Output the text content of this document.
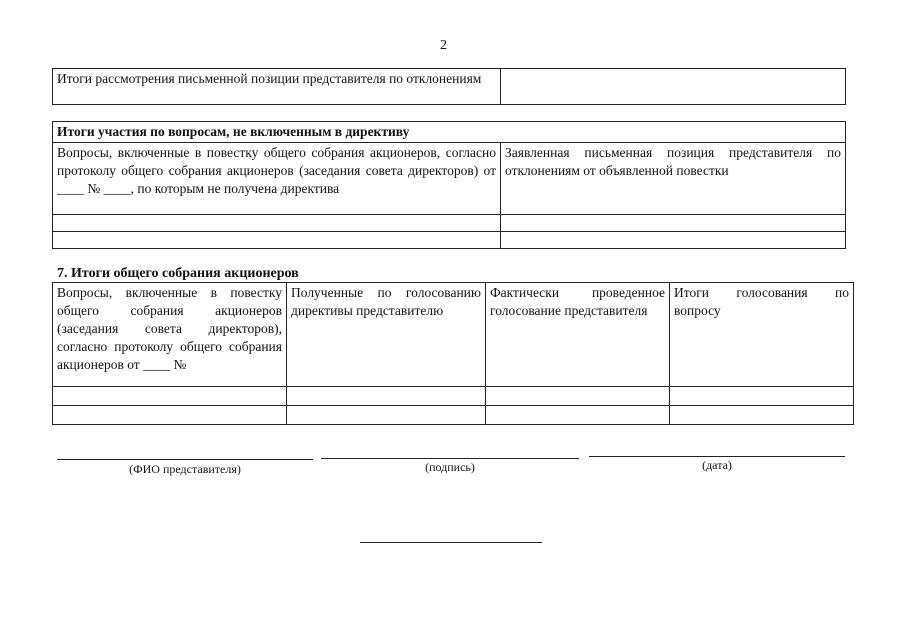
2
Итоги рассмотрения письменной позиции представителя по отклонениям	
Итоги участия по вопросам, не включенным в директиву	
Вопросы, включенные в повестку общего собрания акционеров, согласно протоколу общего собрания акционеров (заседания совета директоров) от ____ № ____, по которым не получена директива	Заявленная письменная позиция представителя по отклонениям от объявленной повестки

7. Итоги общего собрания акционеров
Вопросы, включенные в повестку общего собрания акционеров (заседания совета директоров), согласно протоколу общего собрания акционеров от ____ №	Полученные по голосованию директивы представителю	Фактически проведенное голосование представителя	Итоги голосования по вопросу

(ФИО представителя)	(подпись)	(дата)
